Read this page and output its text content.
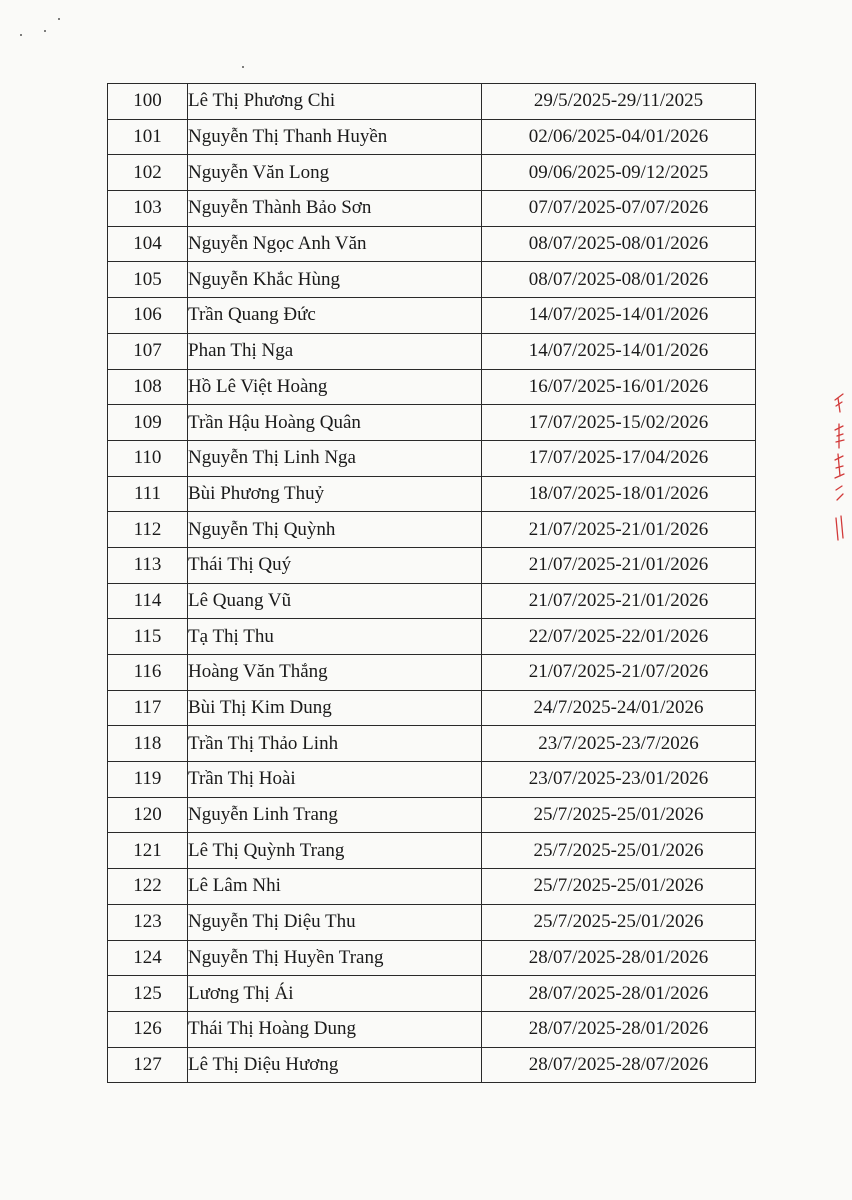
100	Lê Thị Phương Chi	29/5/2025-29/11/2025
101	Nguyễn Thị Thanh Huyền	02/06/2025-04/01/2026
102	Nguyễn Văn Long	09/06/2025-09/12/2025
103	Nguyễn Thành Bảo Sơn	07/07/2025-07/07/2026
104	Nguyễn Ngọc Anh Văn	08/07/2025-08/01/2026
105	Nguyễn Khắc Hùng	08/07/2025-08/01/2026
106	Trần Quang Đức	14/07/2025-14/01/2026
107	Phan Thị Nga	14/07/2025-14/01/2026
108	Hồ Lê Việt Hoàng	16/07/2025-16/01/2026
109	Trần Hậu Hoàng Quân	17/07/2025-15/02/2026
110	Nguyễn Thị Linh Nga	17/07/2025-17/04/2026
111	Bùi Phương Thuỷ	18/07/2025-18/01/2026
112	Nguyễn Thị Quỳnh	21/07/2025-21/01/2026
113	Thái Thị Quý	21/07/2025-21/01/2026
114	Lê Quang Vũ	21/07/2025-21/01/2026
115	Tạ Thị Thu	22/07/2025-22/01/2026
116	Hoàng Văn Thắng	21/07/2025-21/07/2026
117	Bùi Thị Kim Dung	24/7/2025-24/01/2026
118	Trần Thị Thảo Linh	23/7/2025-23/7/2026
119	Trần Thị Hoài	23/07/2025-23/01/2026
120	Nguyễn Linh Trang	25/7/2025-25/01/2026
121	Lê Thị Quỳnh Trang	25/7/2025-25/01/2026
122	Lê Lâm Nhi	25/7/2025-25/01/2026
123	Nguyễn Thị Diệu Thu	25/7/2025-25/01/2026
124	Nguyễn Thị Huyền Trang	28/07/2025-28/01/2026
125	Lương Thị Ái	28/07/2025-28/01/2026
126	Thái Thị Hoàng Dung	28/07/2025-28/01/2026
127	Lê Thị Diệu Hương	28/07/2025-28/07/2026
